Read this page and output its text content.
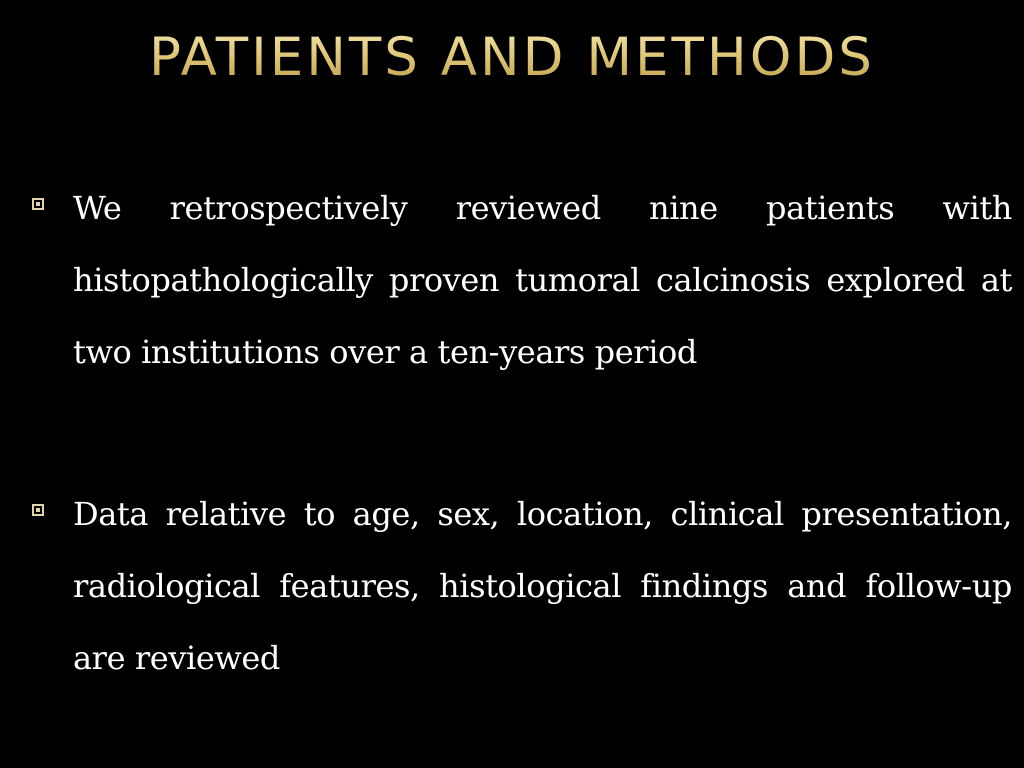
PATIENTS AND METHODS

We retrospectively reviewed nine patients with histopathologically proven tumoral calcinosis explored at two institutions over a ten-years period

Data relative to age, sex, location, clinical presentation, radiological features, histological findings and follow-up are reviewed
